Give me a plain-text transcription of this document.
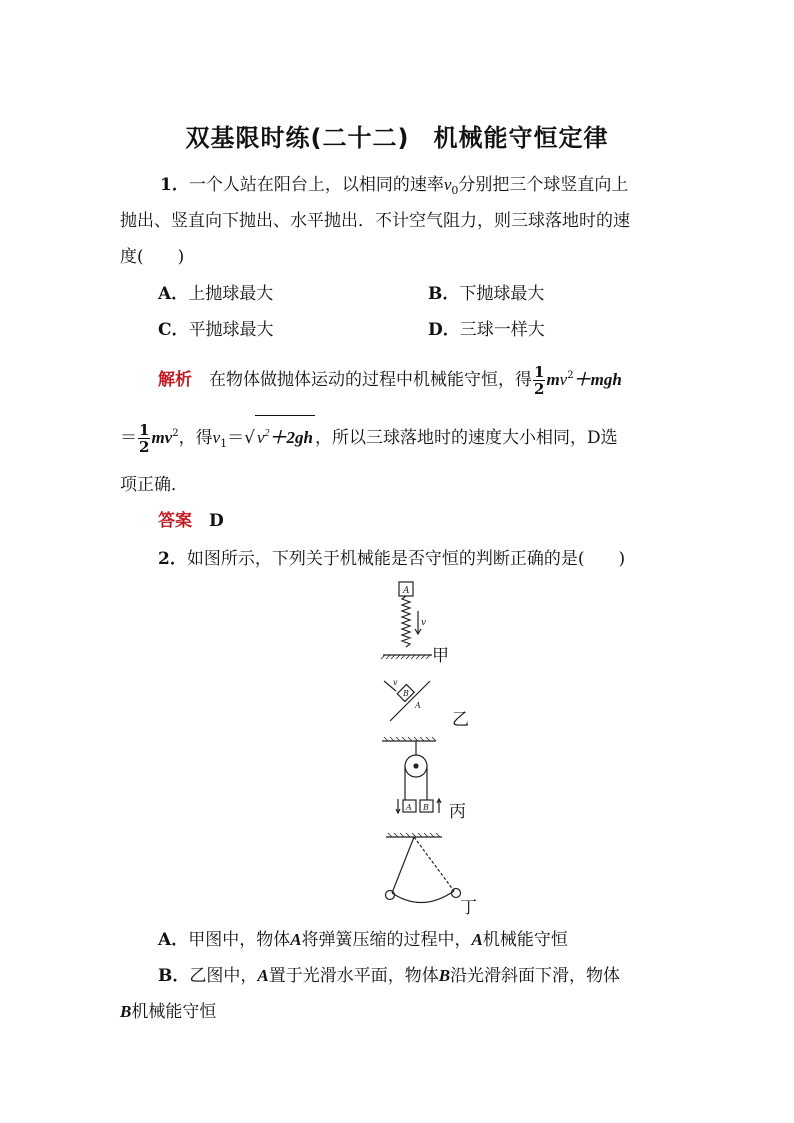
双基限时练(二十二) 机械能守恒定律
1．一个人站在阳台上，以相同的速率$v_0$分别把三个球竖直向上
抛出、竖直向下抛出、水平抛出．不计空气阻力，则三球落地时的速
度(　　)
A．上抛球最大	B．下抛球最大
C．平抛球最大	D．三球一样大
解析  在物体做抛体运动的过程中机械能守恒，得 $\frac{1}{2} mv^2+mgh$
＝ $\frac{1}{2} mv^2$，得$v_1=$ √ $v^2+2gh$ ，所以三球落地时的速度大小相同，D选
项正确．
答案  D
2．如图所示，下列关于机械能是否守恒的判断正确的是(　　)
A
v
B
A
v
A B
甲
乙
丙
丁
A．甲图中，物体A将弹簧压缩的过程中，A机械能守恒
B．乙图中，A置于光滑水平面，物体B沿光滑斜面下滑，物体
B机械能守恒
